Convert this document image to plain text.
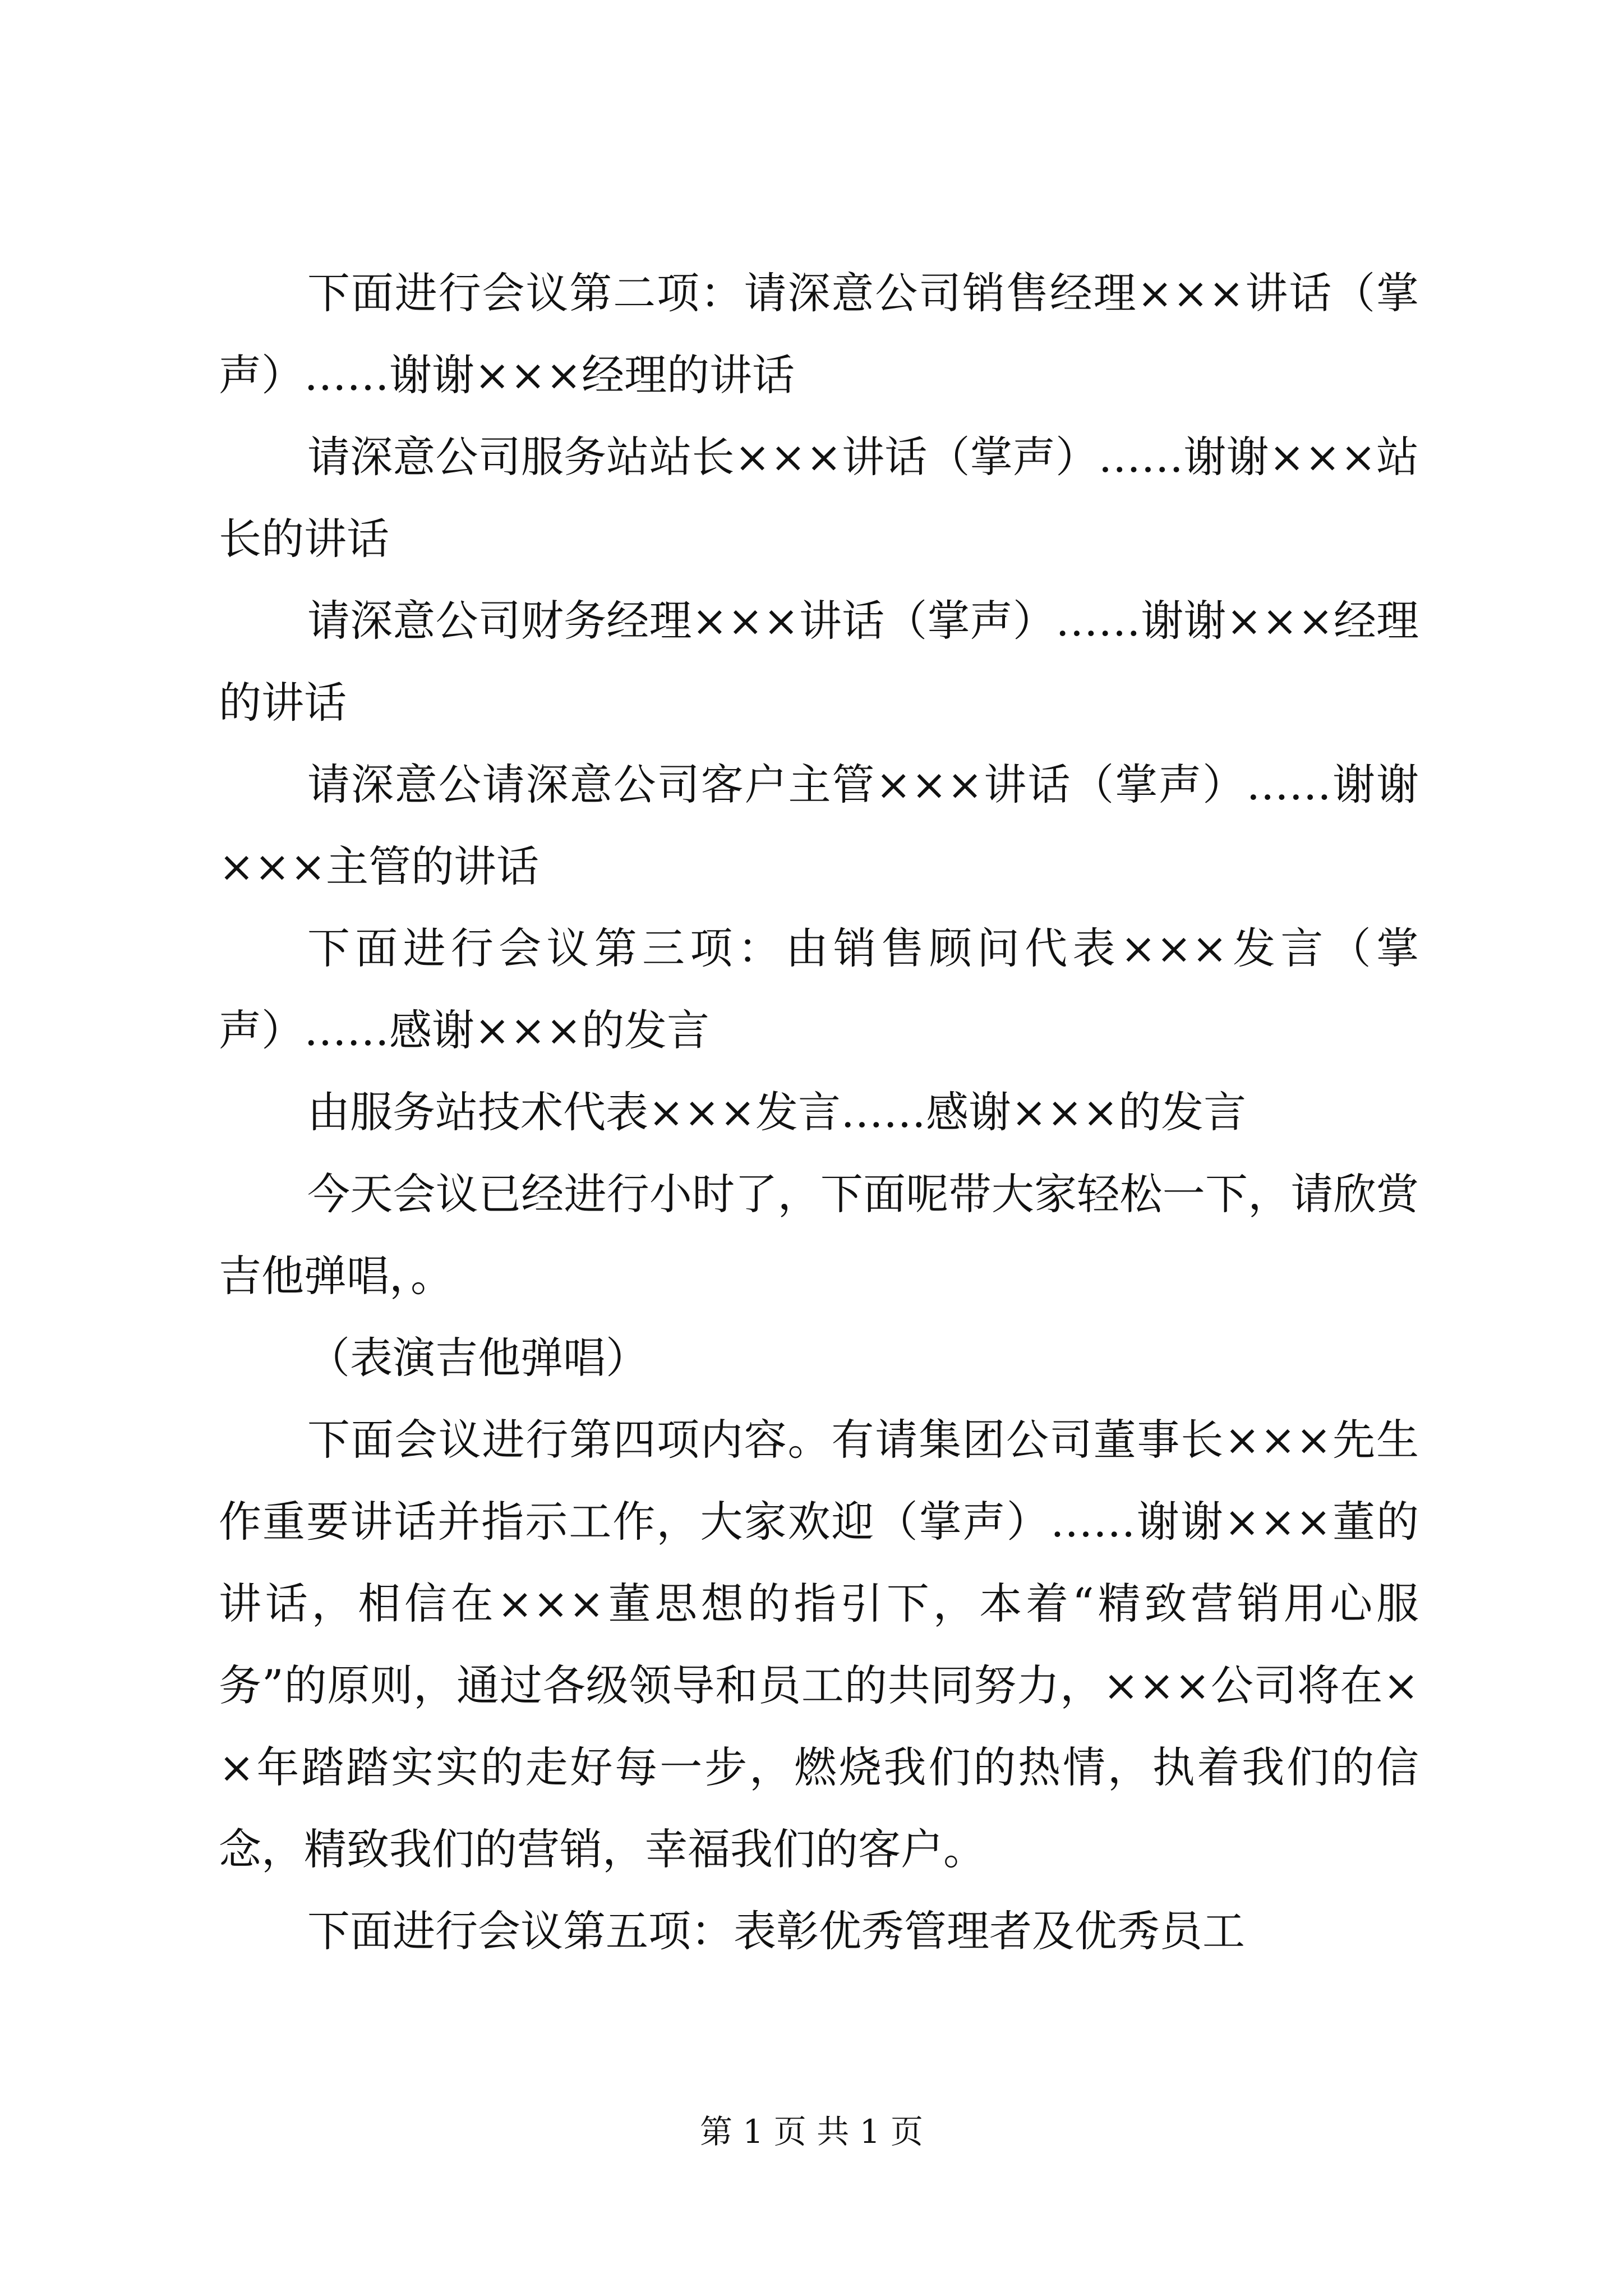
下面进行会议第二项：请深意公司销售经理×××讲话（掌声）……谢谢×××经理的讲话

请深意公司服务站站长×××讲话（掌声）……谢谢×××站长的讲话

请深意公司财务经理×××讲话（掌声）……谢谢×××经理的讲话

请深意公请深意公司客户主管×××讲话（掌声）……谢谢×××主管的讲话

下面进行会议第三项：由销售顾问代表×××发言（掌声）……感谢×××的发言

由服务站技术代表×××发言……感谢×××的发言

今天会议已经进行小时了，下面呢带大家轻松一下，请欣赏吉他弹唱，。

（表演吉他弹唱）

下面会议进行第四项内容。有请集团公司董事长×××先生作重要讲话并指示工作，大家欢迎（掌声）……谢谢×××董的讲话，相信在×××董思想的指引下，本着“精致营销用心服务”的原则，通过各级领导和员工的共同努力，×××公司将在××年踏踏实实的走好每一步，燃烧我们的热情，执着我们的信念，精致我们的营销，幸福我们的客户。

下面进行会议第五项：表彰优秀管理者及优秀员工

第 1 页 共 1 页
